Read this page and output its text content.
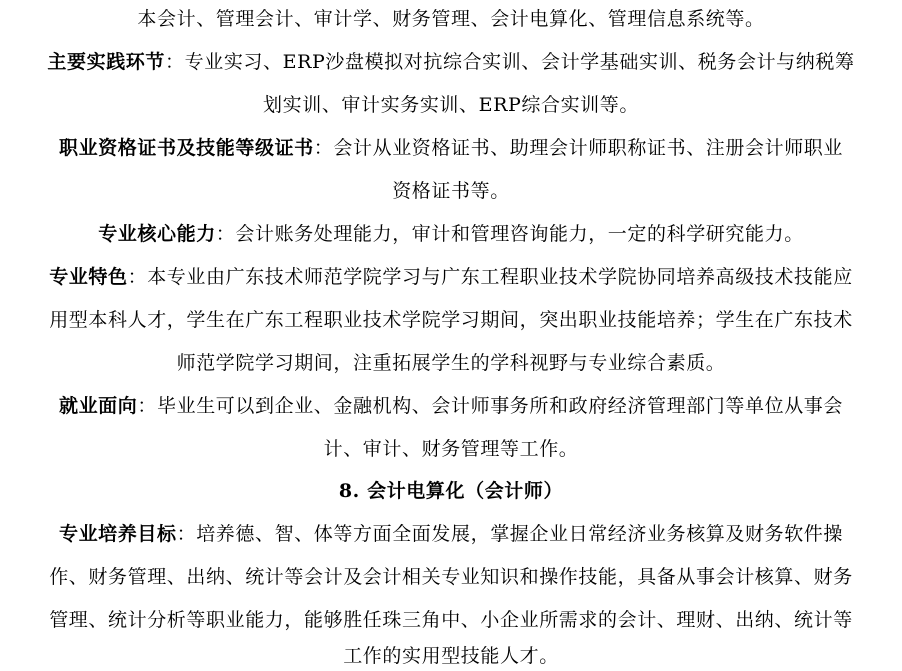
本会计、管理会计、审计学、财务管理、会计电算化、管理信息系统等。
主要实践环节：专业实习、ERP沙盘模拟对抗综合实训、会计学基础实训、税务会计与纳税筹
划实训、审计实务实训、ERP综合实训等。
职业资格证书及技能等级证书：会计从业资格证书、助理会计师职称证书、注册会计师职业
资格证书等。
专业核心能力：会计账务处理能力，审计和管理咨询能力，一定的科学研究能力。
专业特色：本专业由广东技术师范学院学习与广东工程职业技术学院协同培养高级技术技能应
用型本科人才，学生在广东工程职业技术学院学习期间，突出职业技能培养；学生在广东技术
师范学院学习期间，注重拓展学生的学科视野与专业综合素质。
就业面向：毕业生可以到企业、金融机构、会计师事务所和政府经济管理部门等单位从事会
计、审计、财务管理等工作。
8. 会计电算化（会计师）
专业培养目标：培养德、智、体等方面全面发展，掌握企业日常经济业务核算及财务软件操
作、财务管理、出纳、统计等会计及会计相关专业知识和操作技能，具备从事会计核算、财务
管理、统计分析等职业能力，能够胜任珠三角中、小企业所需求的会计、理财、出纳、统计等
工作的实用型技能人才。
